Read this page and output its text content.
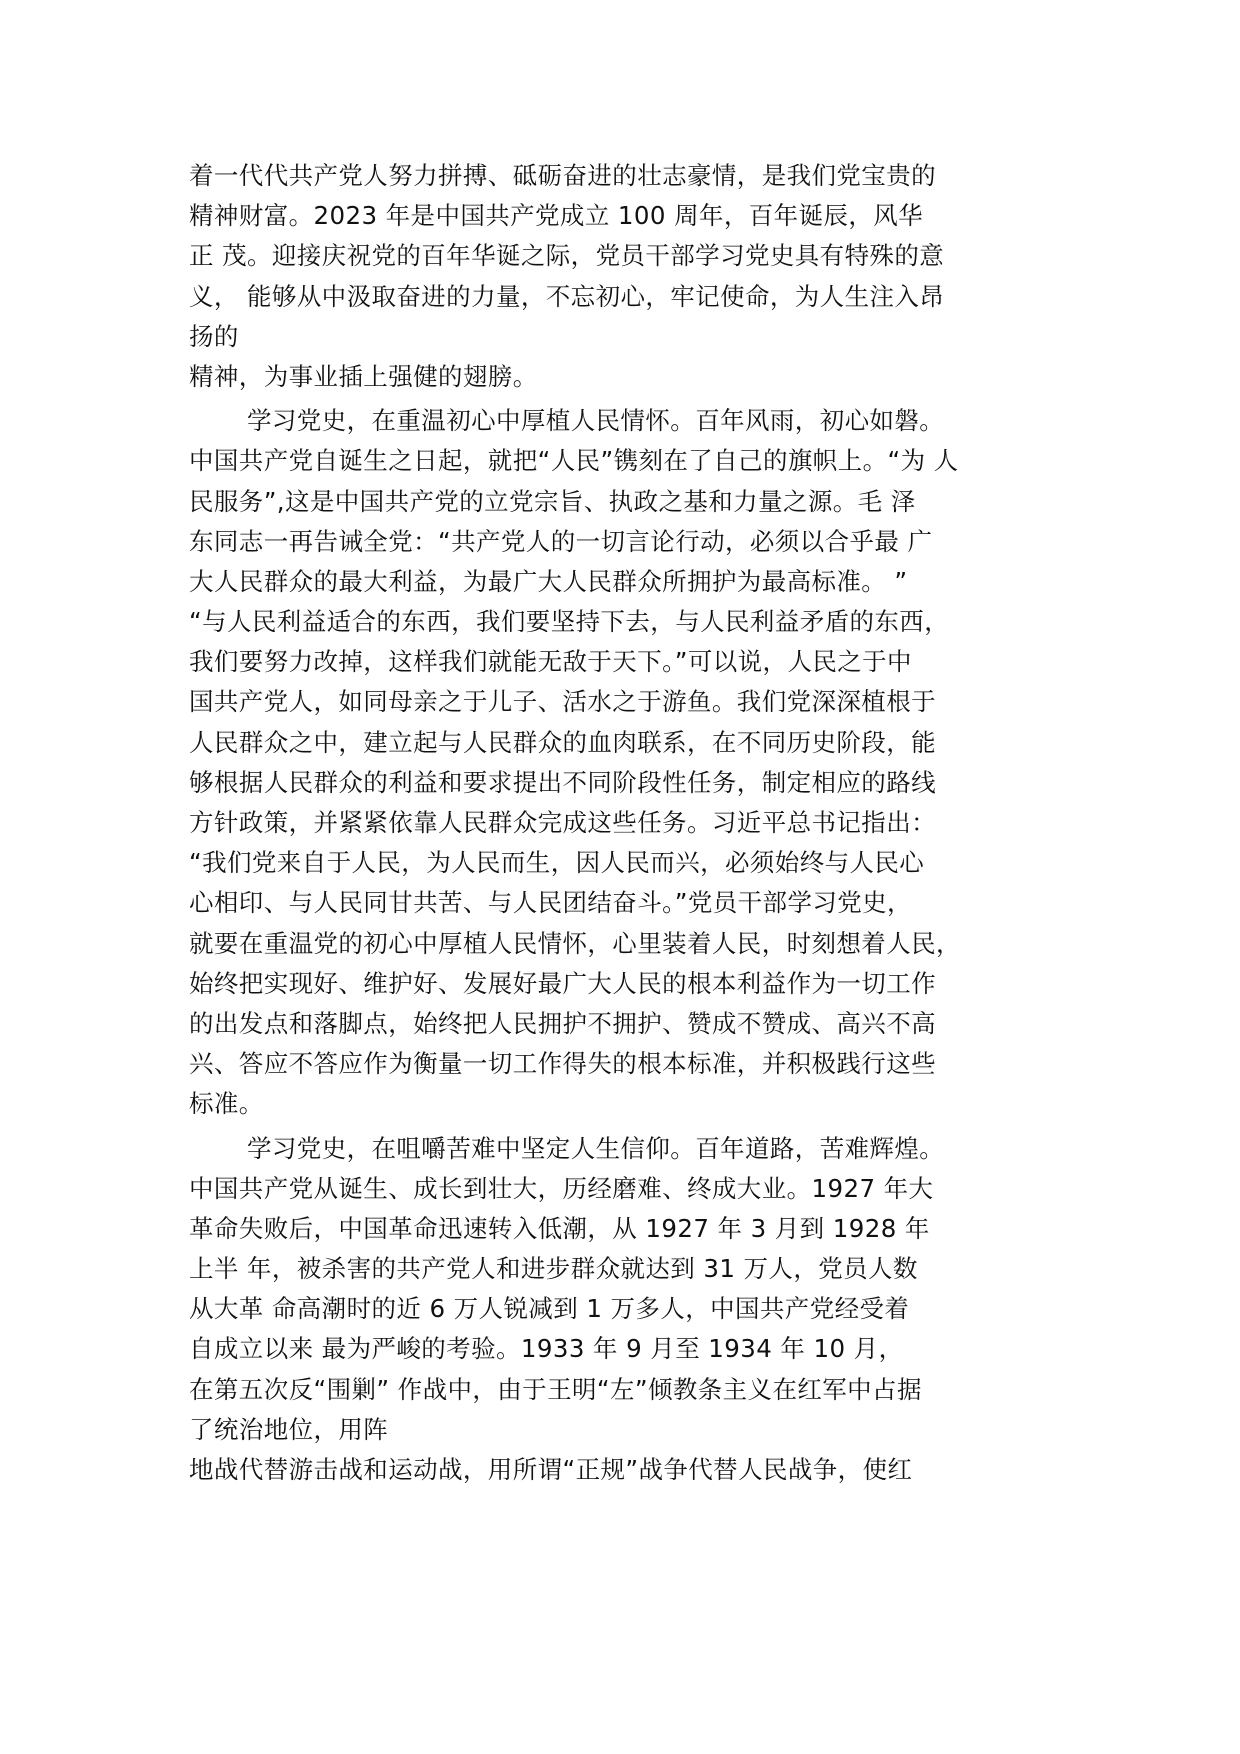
着一代代共产党人努力拼搏、砥砺奋进的壮志豪情，是我们党宝贵的
精神财富。2023 年是中国共产党成立 100 周年，百年诞辰，风华
正 茂。迎接庆祝党的百年华诞之际，党员干部学习党史具有特殊的意
义， 能够从中汲取奋进的力量，不忘初心，牢记使命，为人生注入昂
扬的
精神，为事业插上强健的翅膀。
学习党史，在重温初心中厚植人民情怀。百年风雨，初心如磐。
中国共产党自诞生之日起，就把“人民”镌刻在了自己的旗帜上。“为 人
民服务”,这是中国共产党的立党宗旨、执政之基和力量之源。毛 泽
东同志一再告诫全党：“共产党人的一切言论行动，必须以合乎最 广
大人民群众的最大利益，为最广大人民群众所拥护为最高标准。 ”
“与人民利益适合的东西，我们要坚持下去，与人民利益矛盾的东西，
我们要努力改掉，这样我们就能无敌于天下。”可以说，人民之于中
国共产党人，如同母亲之于儿子、活水之于游鱼。我们党深深植根于
人民群众之中，建立起与人民群众的血肉联系，在不同历史阶段，能
够根据人民群众的利益和要求提出不同阶段性任务，制定相应的路线
方针政策，并紧紧依靠人民群众完成这些任务。习近平总书记指出：
“我们党来自于人民，为人民而生，因人民而兴，必须始终与人民心
心相印、与人民同甘共苦、与人民团结奋斗。”党员干部学习党史，
就要在重温党的初心中厚植人民情怀，心里装着人民，时刻想着人民，
始终把实现好、维护好、发展好最广大人民的根本利益作为一切工作
的出发点和落脚点，始终把人民拥护不拥护、赞成不赞成、高兴不高
兴、答应不答应作为衡量一切工作得失的根本标准，并积极践行这些
标准。
学习党史，在咀嚼苦难中坚定人生信仰。百年道路，苦难辉煌。
中国共产党从诞生、成长到壮大，历经磨难、终成大业。1927 年大
革命失败后，中国革命迅速转入低潮，从 1927 年 3 月到 1928 年
上半 年，被杀害的共产党人和进步群众就达到 31 万人，党员人数
从大革 命高潮时的近 6 万人锐减到 1 万多人，中国共产党经受着
自成立以来 最为严峻的考验。1933 年 9 月至 1934 年 10 月，
在第五次反“围剿” 作战中，由于王明“左”倾教条主义在红军中占据
了统治地位，用阵
地战代替游击战和运动战，用所谓“正规”战争代替人民战争，使红
